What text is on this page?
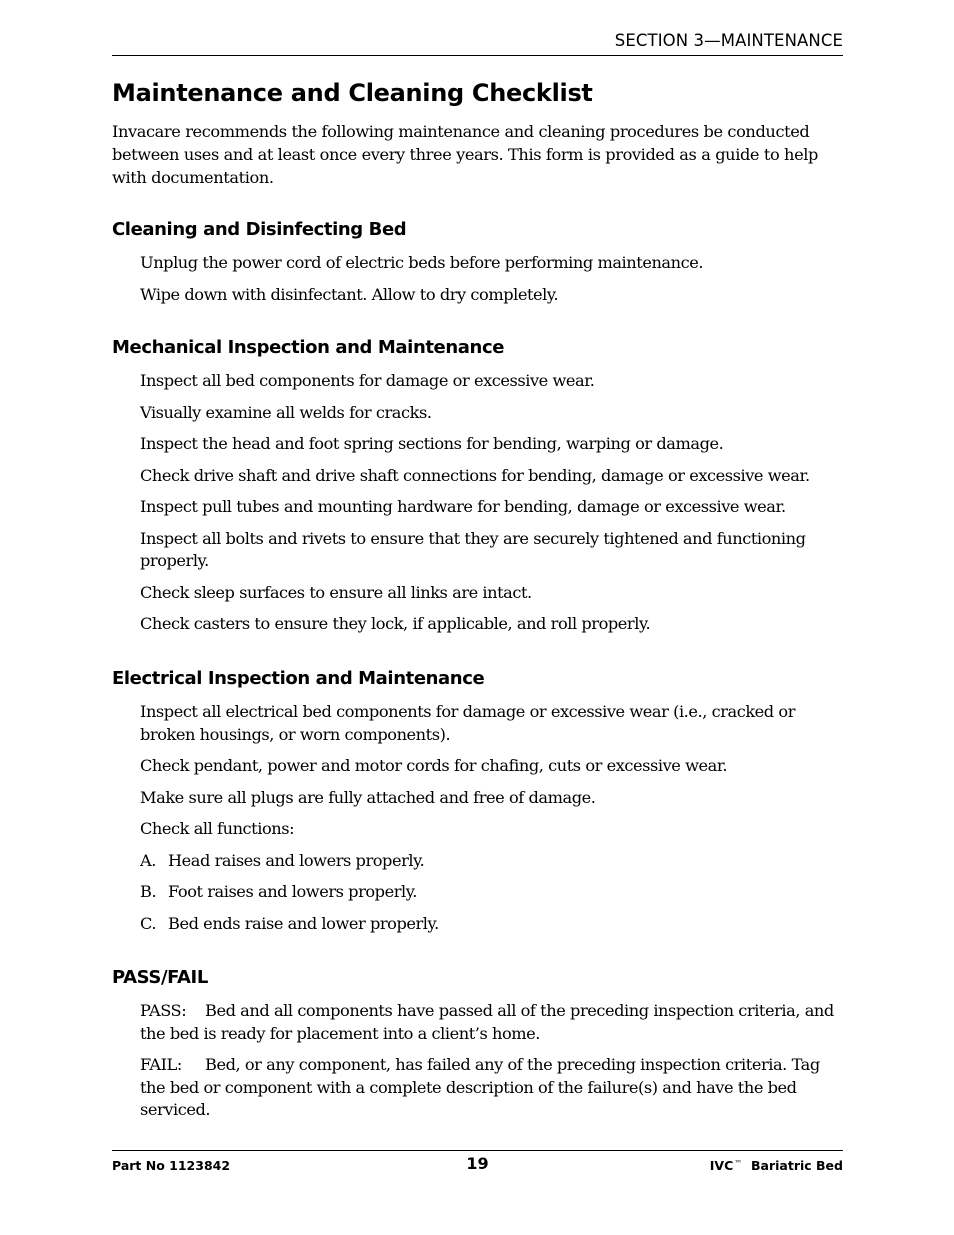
SECTION 3—MAINTENANCE
Maintenance and Cleaning Checklist

Invacare recommends the following maintenance and cleaning procedures be conducted between uses and at least once every three years. This form is provided as a guide to help with documentation.

Cleaning and Disinfecting Bed
Unplug the power cord of electric beds before performing maintenance.
Wipe down with disinfectant. Allow to dry completely.
Mechanical Inspection and Maintenance
Inspect all bed components for damage or excessive wear.
Visually examine all welds for cracks.
Inspect the head and foot spring sections for bending, warping or damage.
Check drive shaft and drive shaft connections for bending, damage or excessive wear.
Inspect pull tubes and mounting hardware for bending, damage or excessive wear.
Inspect all bolts and rivets to ensure that they are securely tightened and functioning properly.
Check sleep surfaces to ensure all links are intact.
Check casters to ensure they lock, if applicable, and roll properly.
Electrical Inspection and Maintenance
Inspect all electrical bed components for damage or excessive wear (i.e., cracked or broken housings, or worn components).
Check pendant, power and motor cords for chafing, cuts or excessive wear.
Make sure all plugs are fully attached and free of damage.
Check all functions:
A. Head raises and lowers properly.
B. Foot raises and lowers properly.
C. Bed ends raise and lower properly.
PASS/FAIL
PASS: Bed and all components have passed all of the preceding inspection criteria, and the bed is ready for placement into a client’s home.
FAIL: Bed, or any component, has failed any of the preceding inspection criteria. Tag the bed or component with a complete description of the failure(s) and have the bed serviced.
Part No 1123842	19	IVC™ Bariatric Bed
